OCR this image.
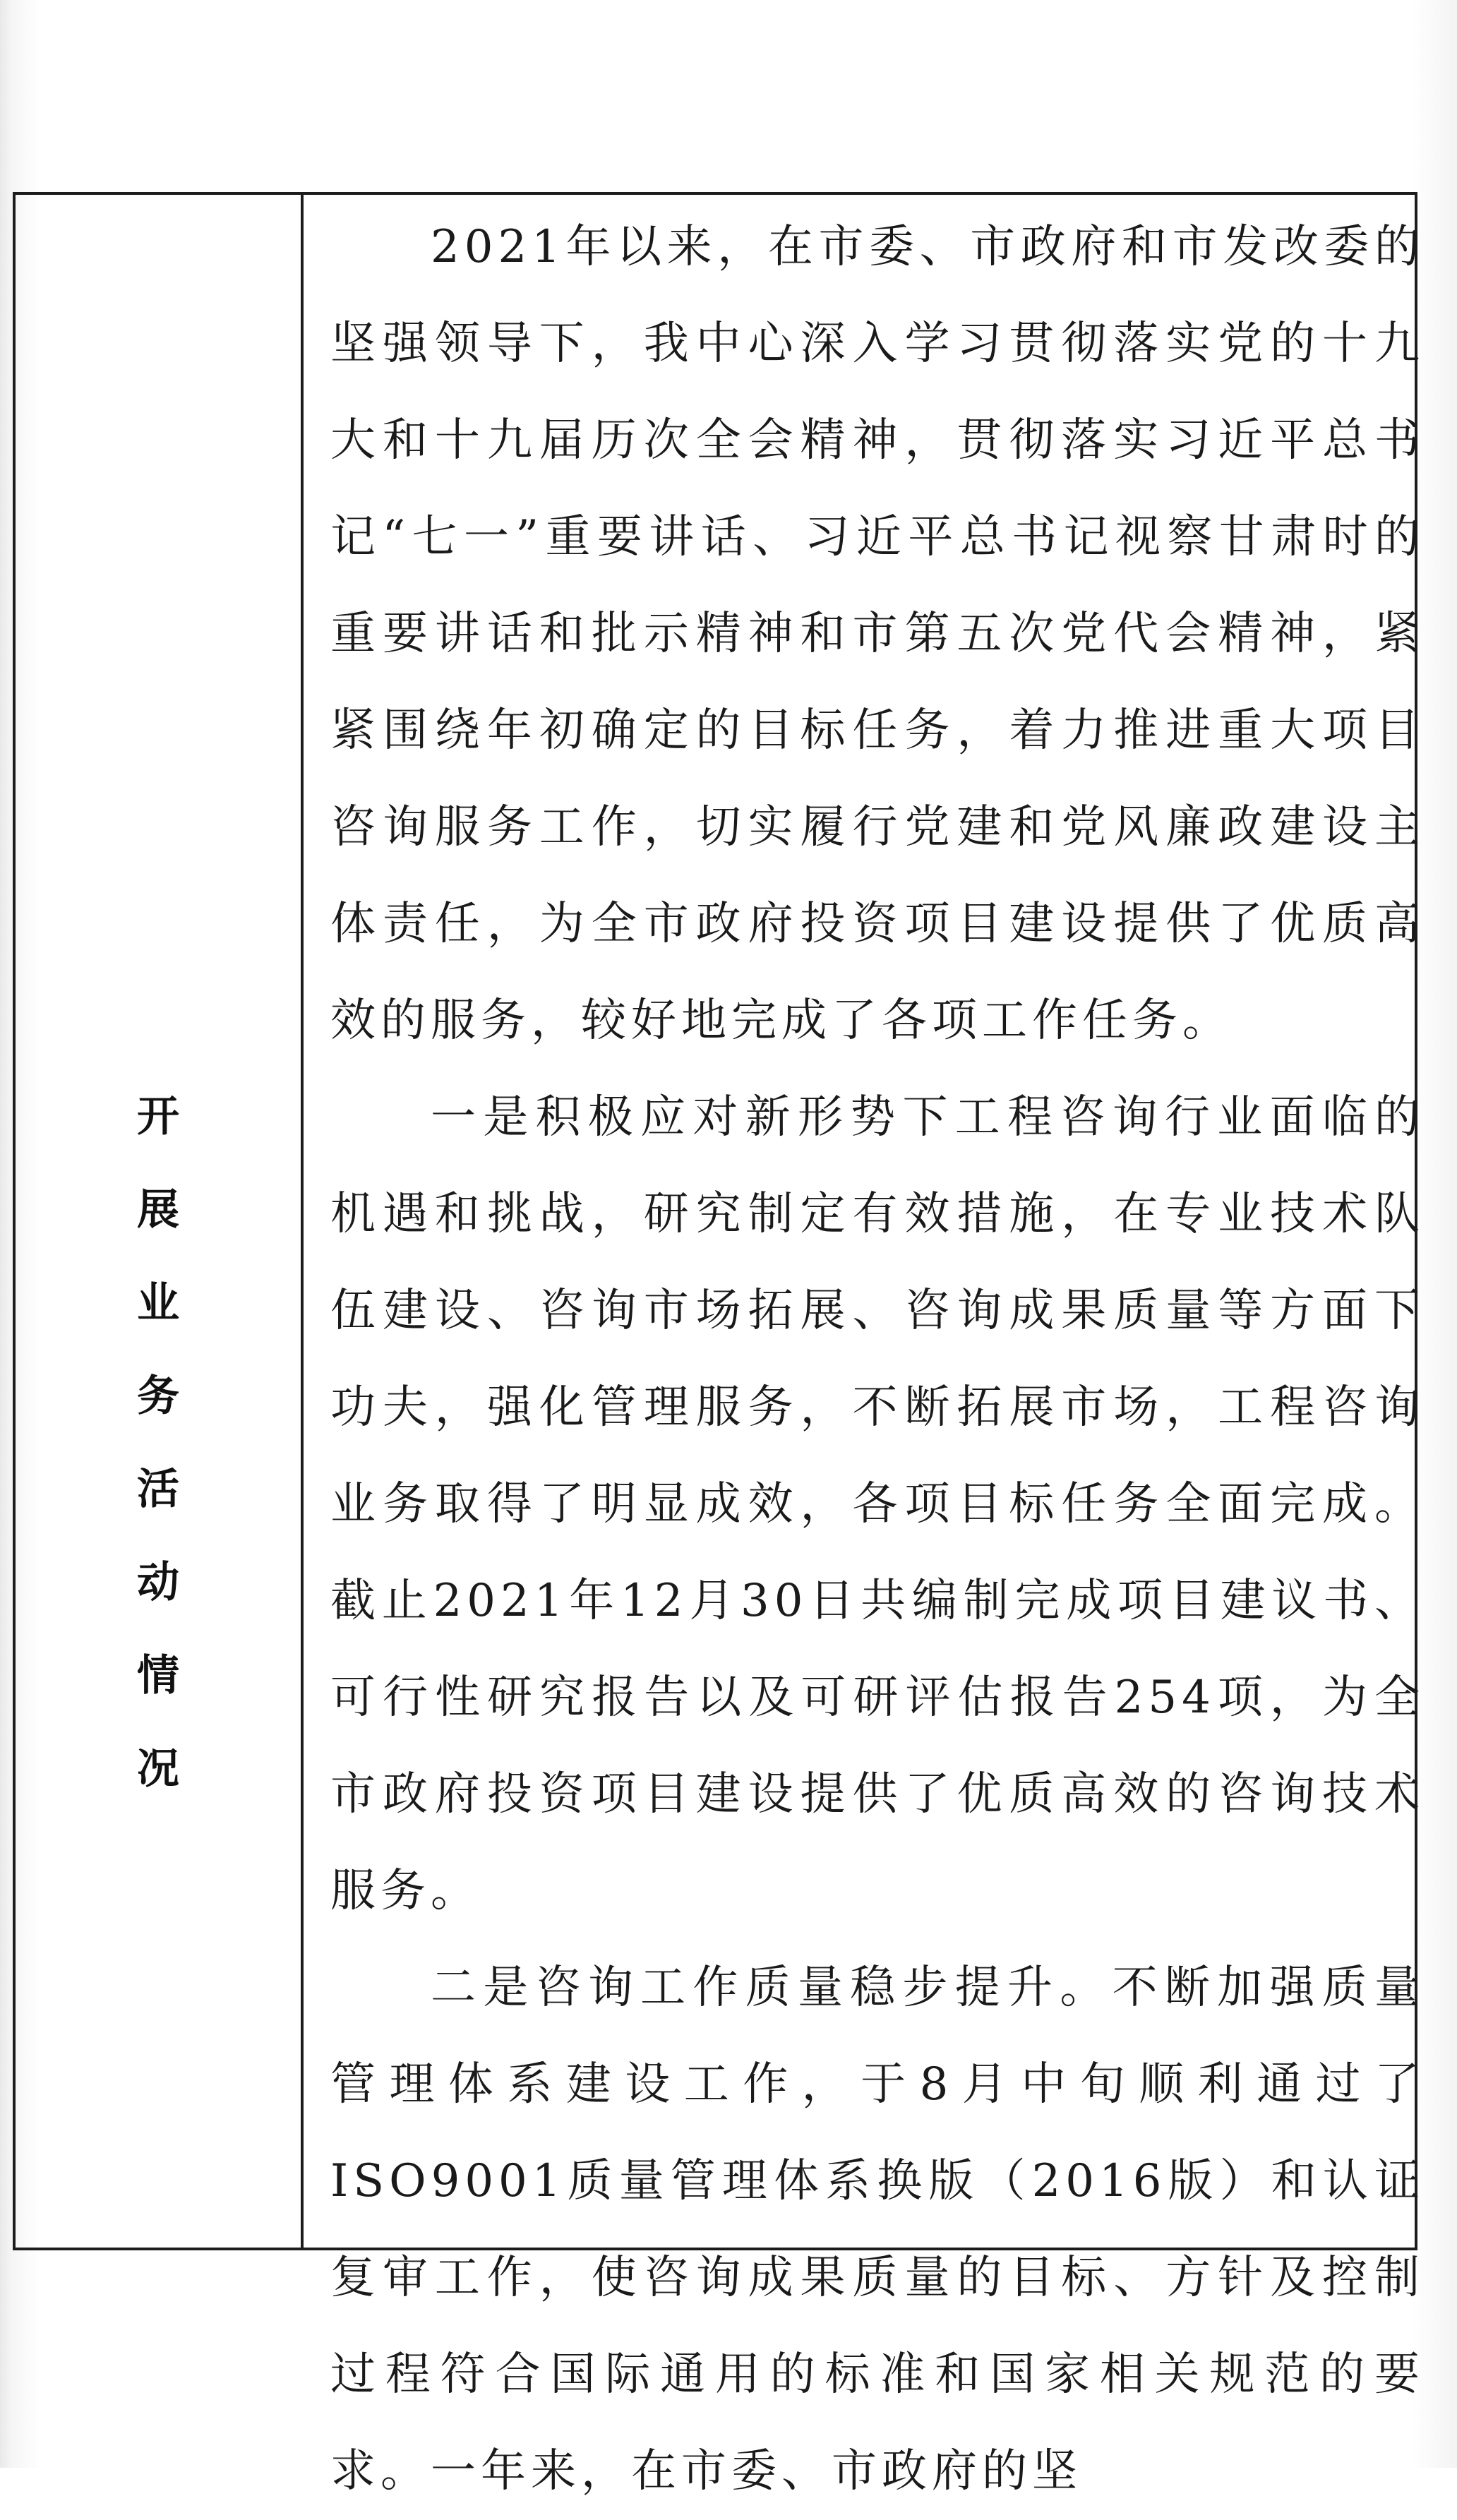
开
展
业
务
活
动
情
况

2021年以来，在市委、市政府和市发改委的坚强领导下，我中心深入学习贯彻落实党的十九大和十九届历次全会精神，贯彻落实习近平总书记“七一”重要讲话、习近平总书记视察甘肃时的重要讲话和批示精神和市第五次党代会精神，紧紧围绕年初确定的目标任务，着力推进重大项目咨询服务工作，切实履行党建和党风廉政建设主体责任，为全市政府投资项目建设提供了优质高效的服务，较好地完成了各项工作任务。

一是积极应对新形势下工程咨询行业面临的机遇和挑战，研究制定有效措施，在专业技术队伍建设、咨询市场拓展、咨询成果质量等方面下功夫，强化管理服务，不断拓展市场，工程咨询业务取得了明显成效，各项目标任务全面完成。截止2021年12月30日共编制完成项目建议书、可行性研究报告以及可研评估报告254项，为全市政府投资项目建设提供了优质高效的咨询技术服务。

二是咨询工作质量稳步提升。不断加强质量管理体系建设工作，于8月中旬顺利通过了ISO9001质量管理体系换版（2016版）和认证复审工作，使咨询成果质量的目标、方针及控制过程符合国际通用的标准和国家相关规范的要求。一年来，在市委、市政府的坚
